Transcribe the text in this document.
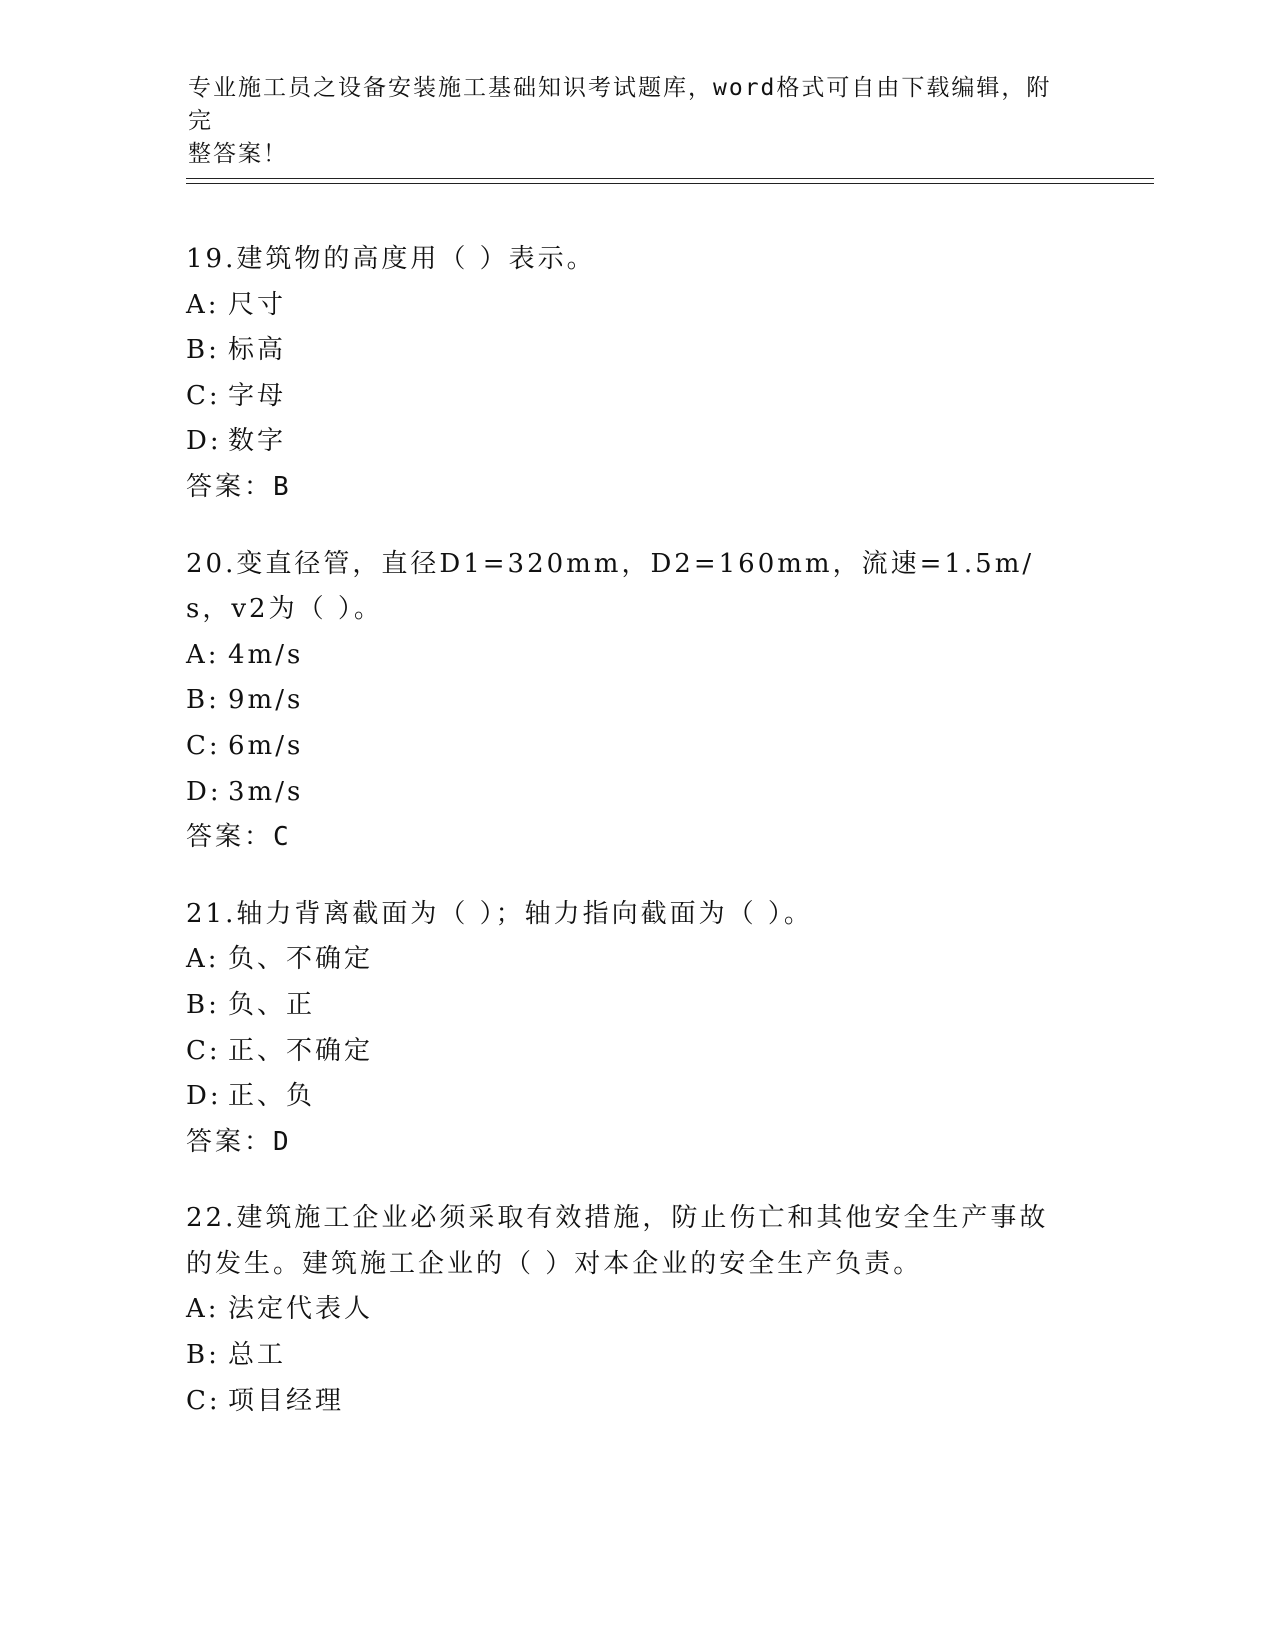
专业施工员之设备安装施工基础知识考试题库，word格式可自由下载编辑，附完
整答案！
19.建筑物的高度用（ ）表示。
A: 尺寸
B: 标高
C: 字母
D: 数字
答案：B
20.变直径管，直径D1=320mm，D2=160mm，流速=1.5m/s，v2为（ ）。
A: 4m/s
B: 9m/s
C: 6m/s
D: 3m/s
答案：C
21.轴力背离截面为（ ）；轴力指向截面为（ ）。
A: 负、不确定
B: 负、正
C: 正、不确定
D: 正、负
答案：D
22.建筑施工企业必须采取有效措施，防止伤亡和其他安全生产事故的发生。建筑施工企业的（ ）对本企业的安全生产负责。
A: 法定代表人
B: 总工
C: 项目经理
